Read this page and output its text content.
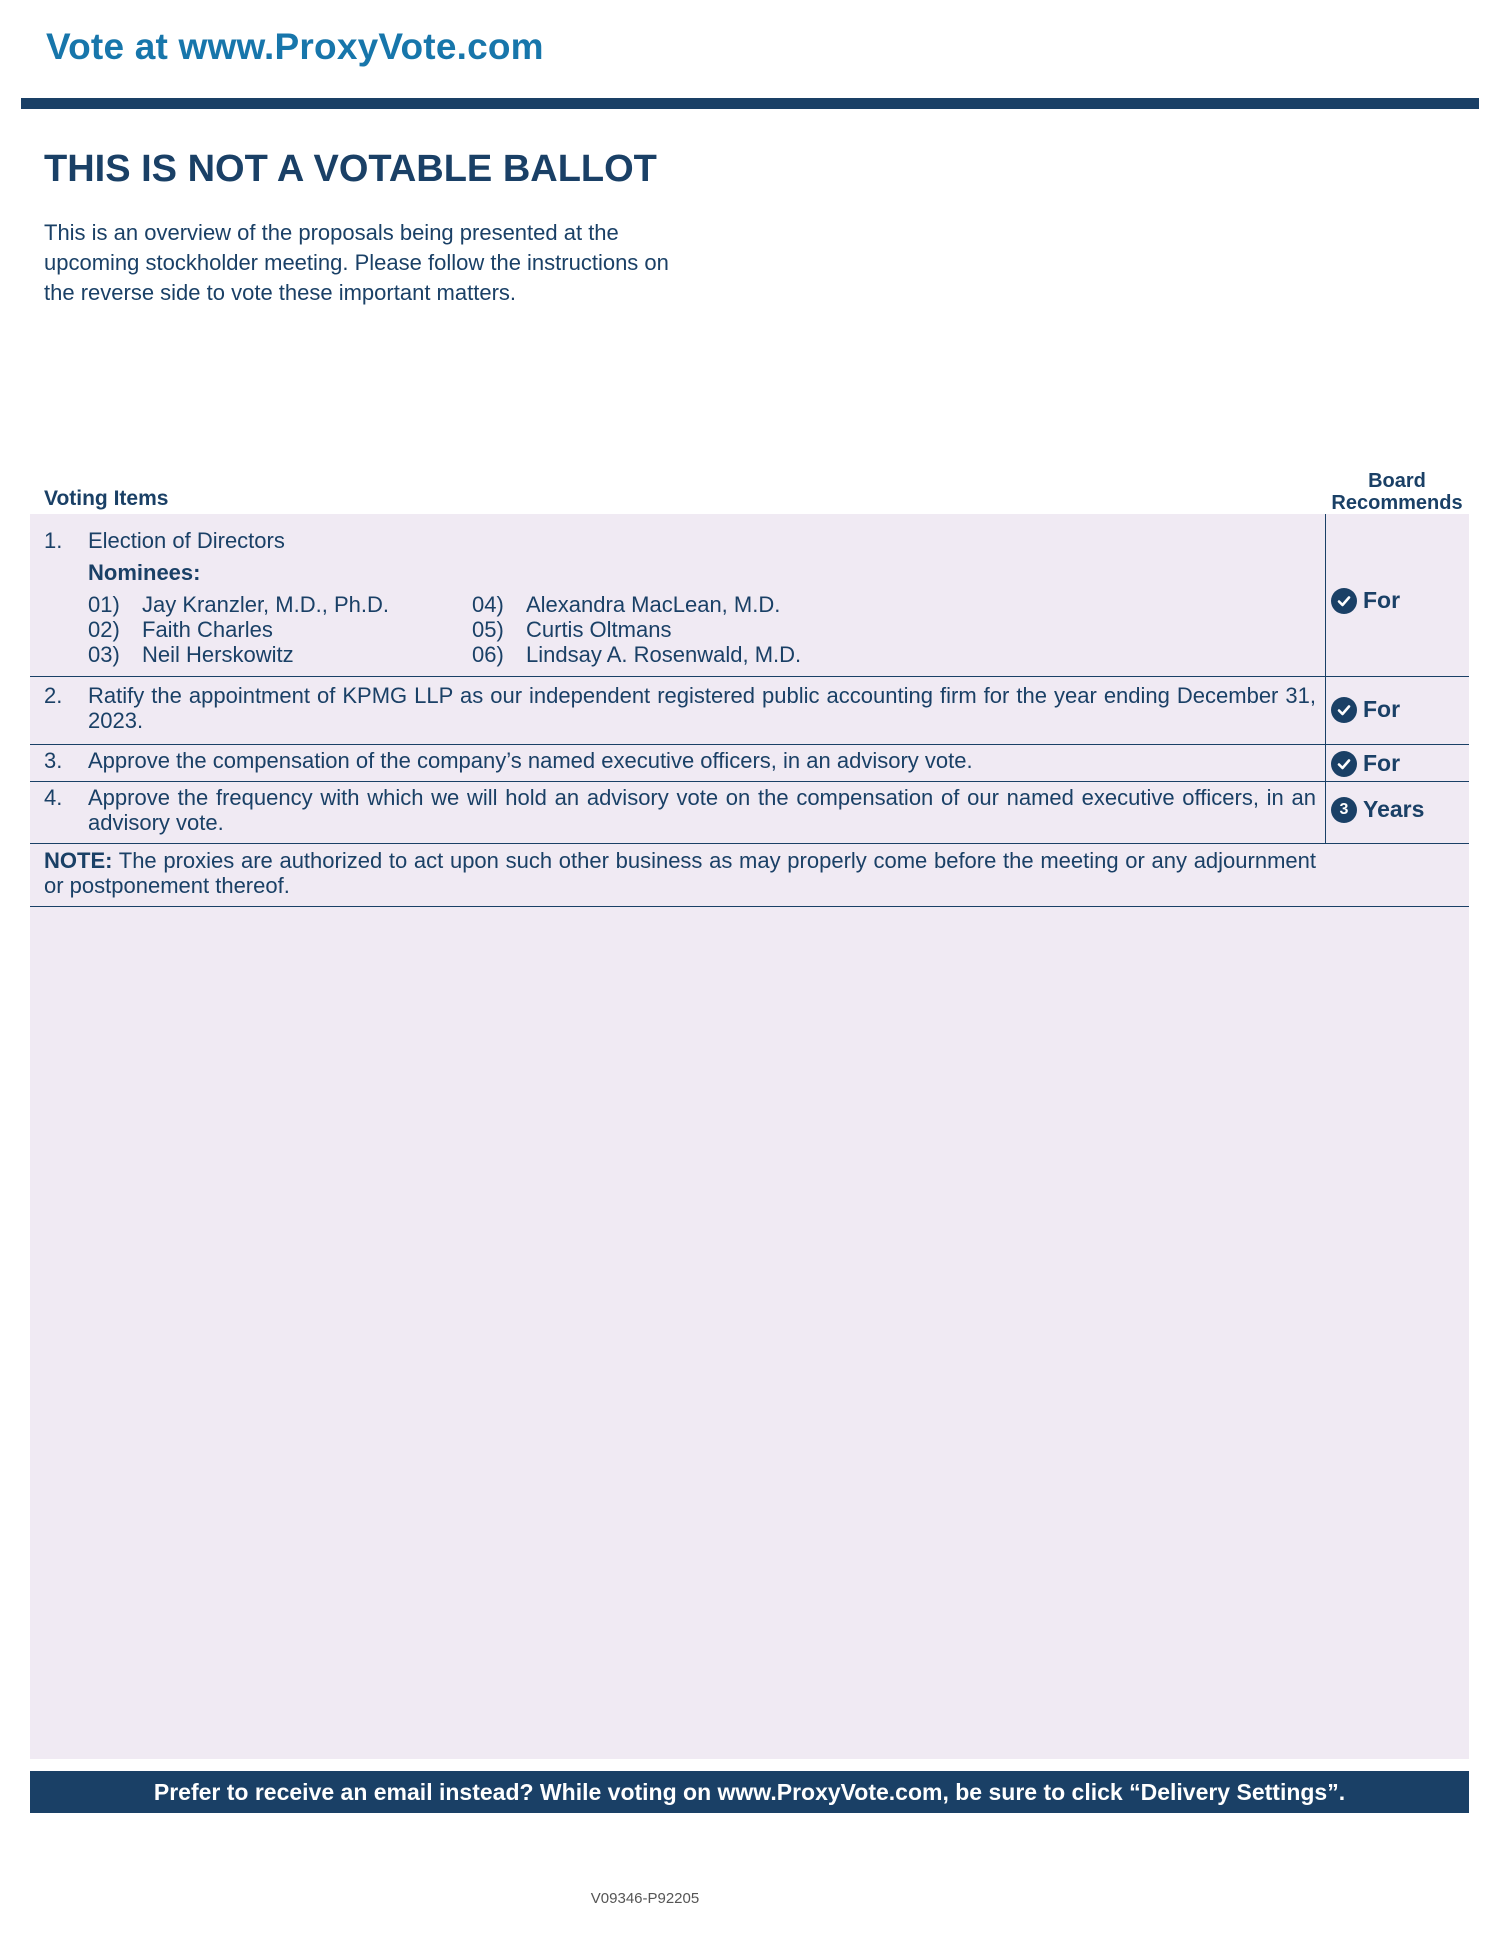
Vote at www.ProxyVote.com
THIS IS NOT A VOTABLE BALLOT
This is an overview of the proposals being presented at the
upcoming stockholder meeting. Please follow the instructions on
the reverse side to vote these important matters.
Voting Items
Board
Recommends
1. Election of Directors
Nominees:
01) Jay Kranzler, M.D., Ph.D.
02) Faith Charles
03) Neil Herskowitz
04) Alexandra MacLean, M.D.
05) Curtis Oltmans
06) Lindsay A. Rosenwald, M.D.
For
2. Ratify the appointment of KPMG LLP as our independent registered public accounting firm for the year ending December 31, 2023.	For
3. Approve the compensation of the company’s named executive officers, in an advisory vote.	For
4. Approve the frequency with which we will hold an advisory vote on the compensation of our named executive officers, in an advisory vote.
3 Years
NOTE: The proxies are authorized to act upon such other business as may properly come before the meeting or any adjournment or postponement thereof.
Prefer to receive an email instead? While voting on www.ProxyVote.com, be sure to click “Delivery Settings”.
V09346-P92205
